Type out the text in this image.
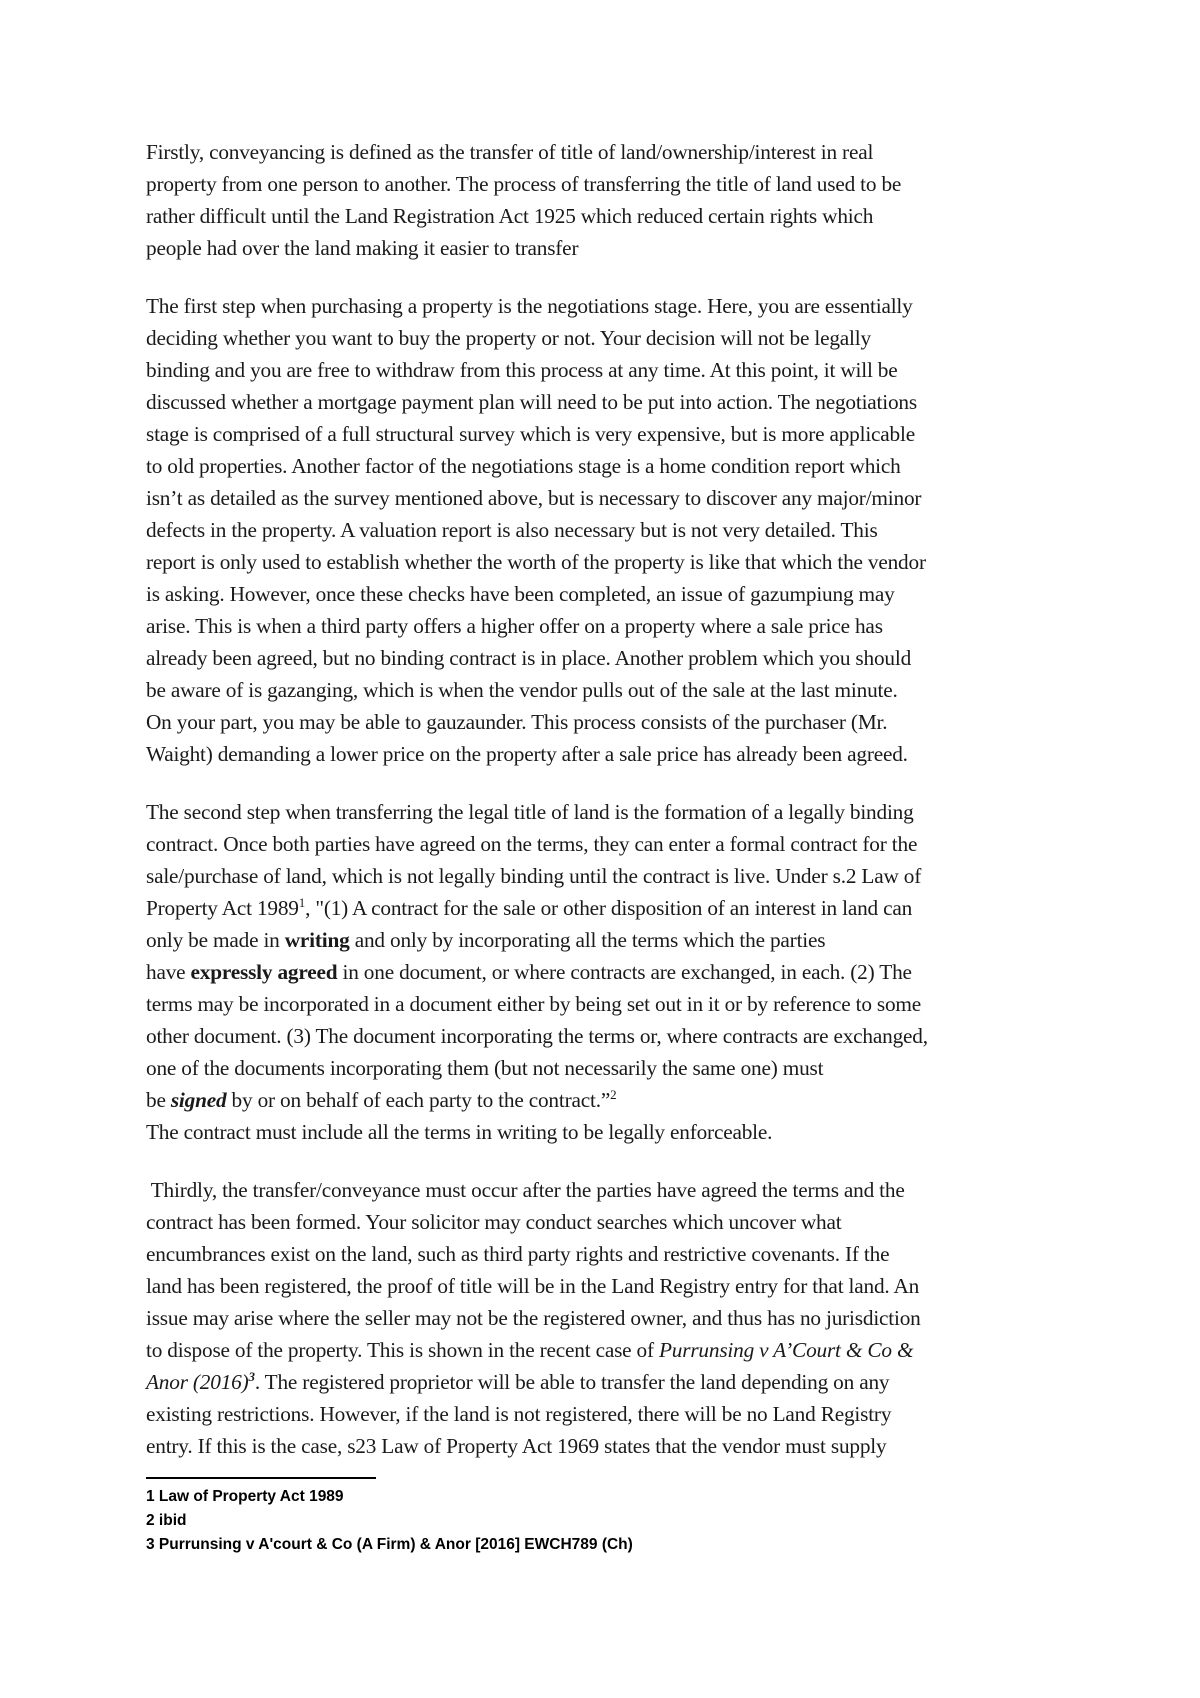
Firstly, conveyancing is defined as the transfer of title of land/ownership/interest in real
property from one person to another. The process of transferring the title of land used to be
rather difficult until the Land Registration Act 1925 which reduced certain rights which
people had over the land making it easier to transfer
The first step when purchasing a property is the negotiations stage. Here, you are essentially
deciding whether you want to buy the property or not. Your decision will not be legally
binding and you are free to withdraw from this process at any time. At this point, it will be
discussed whether a mortgage payment plan will need to be put into action. The negotiations
stage is comprised of a full structural survey which is very expensive, but is more applicable
to old properties. Another factor of the negotiations stage is a home condition report which
isn’t as detailed as the survey mentioned above, but is necessary to discover any major/minor
defects in the property. A valuation report is also necessary but is not very detailed. This
report is only used to establish whether the worth of the property is like that which the vendor
is asking. However, once these checks have been completed, an issue of gazumpiung may
arise. This is when a third party offers a higher offer on a property where a sale price has
already been agreed, but no binding contract is in place. Another problem which you should
be aware of is gazanging, which is when the vendor pulls out of the sale at the last minute.
On your part, you may be able to gauzaunder. This process consists of the purchaser (Mr.
Waight) demanding a lower price on the property after a sale price has already been agreed.
The second step when transferring the legal title of land is the formation of a legally binding
contract. Once both parties have agreed on the terms, they can enter a formal contract for the
sale/purchase of land, which is not legally binding until the contract is live. Under s.2 Law of
Property Act 1989$^1$, "(1) A contract for the sale or other disposition of an interest in land can
only be made in writing and only by incorporating all the terms which the parties
have expressly agreed in one document, or where contracts are exchanged, in each. (2) The
terms may be incorporated in a document either by being set out in it or by reference to some
other document. (3) The document incorporating the terms or, where contracts are exchanged,
one of the documents incorporating them (but not necessarily the same one) must
be signed by or on behalf of each party to the contract.”$^2$
The contract must include all the terms in writing to be legally enforceable.
Thirdly, the transfer/conveyance must occur after the parties have agreed the terms and the
contract has been formed. Your solicitor may conduct searches which uncover what
encumbrances exist on the land, such as third party rights and restrictive covenants. If the
land has been registered, the proof of title will be in the Land Registry entry for that land. An
issue may arise where the seller may not be the registered owner, and thus has no jurisdiction
to dispose of the property. This is shown in the recent case of Purrunsing v A’Court & Co &
Anor $(2016)^3$. The registered proprietor will be able to transfer the land depending on any
existing restrictions. However, if the land is not registered, there will be no Land Registry
entry. If this is the case, s23 Law of Property Act 1969 states that the vendor must supply
1 Law of Property Act 1989
2 ibid
3 Purrunsing v A'court & Co (A Firm) & Anor [2016] EWCH789 (Ch)
